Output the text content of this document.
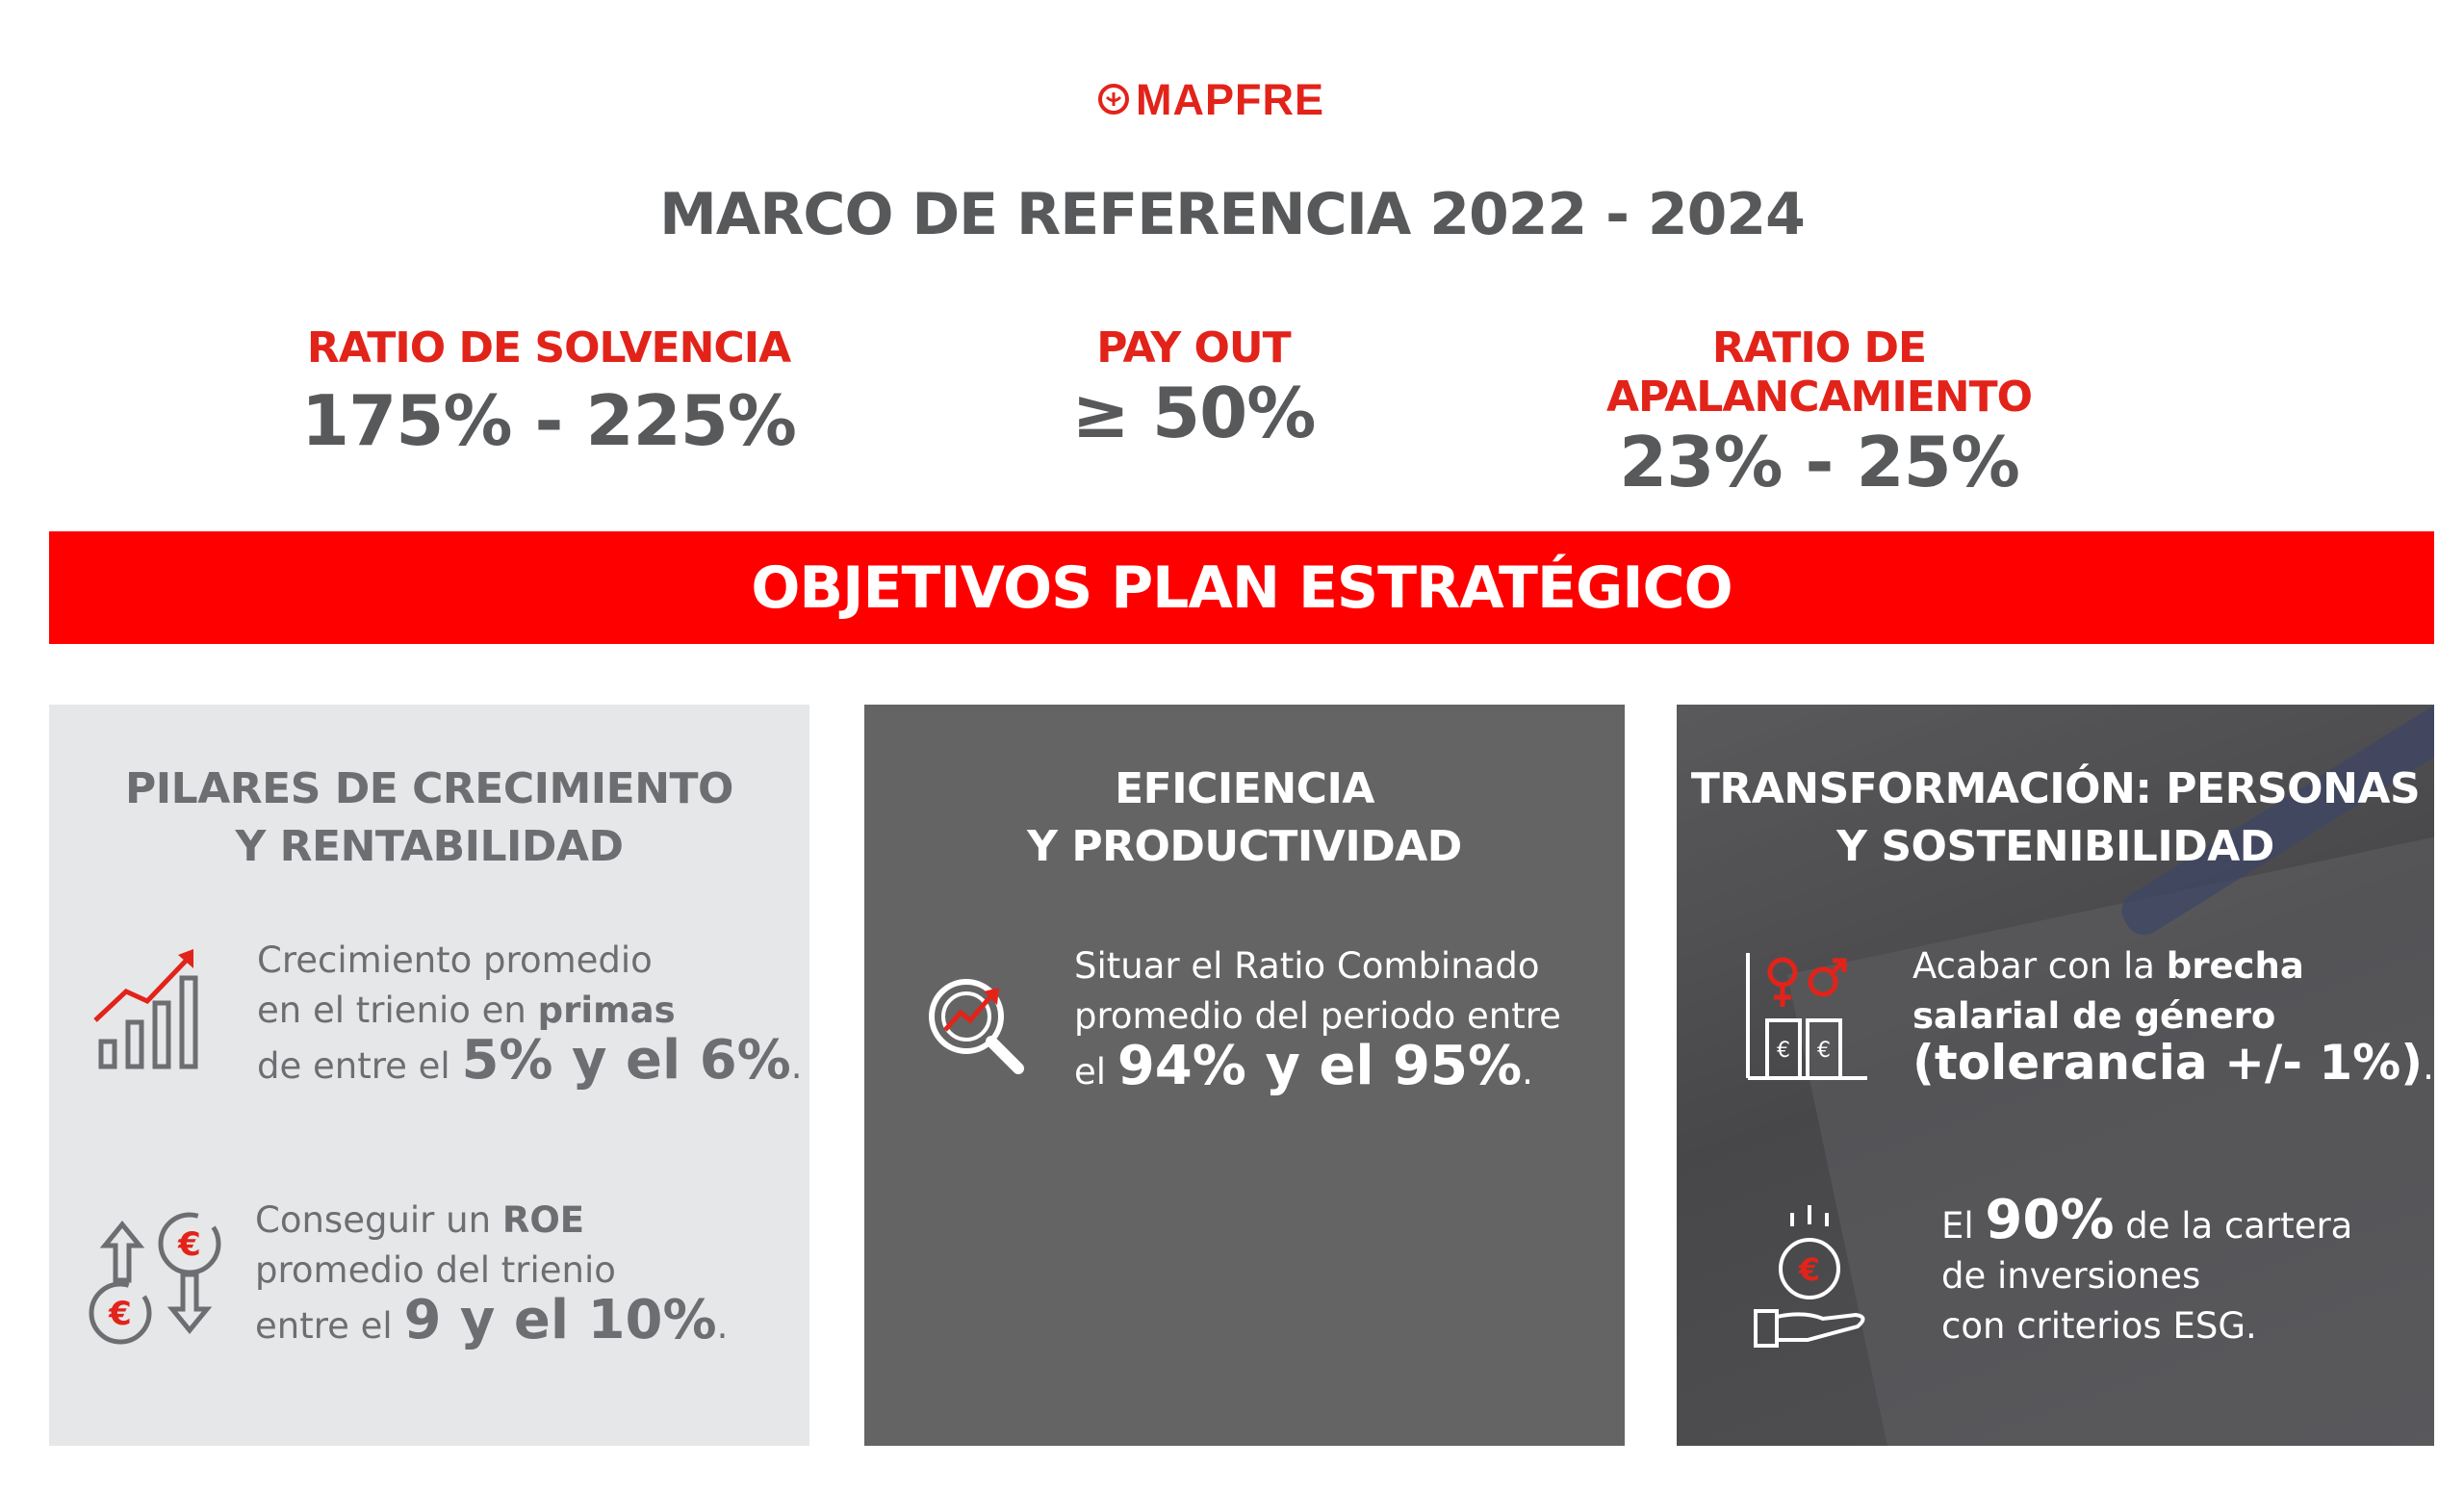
MAPFRE
MARCO DE REFERENCIA 2022 - 2024
RATIO DE SOLVENCIA
175% - 225%
PAY OUT
≥ 50%
RATIO DE APALANCAMIENTO
23% - 25%
OBJETIVOS PLAN ESTRATÉGICO
PILARES DE CRECIMIENTO
Y RENTABILIDAD
Crecimiento promedio
en el trienio en primas
de entre el 5% y el 6%.
€
€
Conseguir un ROE
promedio del trienio
entre el 9 y el 10%.
EFICIENCIA
Y PRODUCTIVIDAD
Situar el Ratio Combinado
promedio del periodo entre
el 94% y el 95%.
TRANSFORMACIÓN: PERSONAS
Y SOSTENIBILIDAD
€ €
Acabar con la brecha
salarial de género
(tolerancia +/- 1%).
€
El 90% de la cartera
de inversiones
con criterios ESG.
